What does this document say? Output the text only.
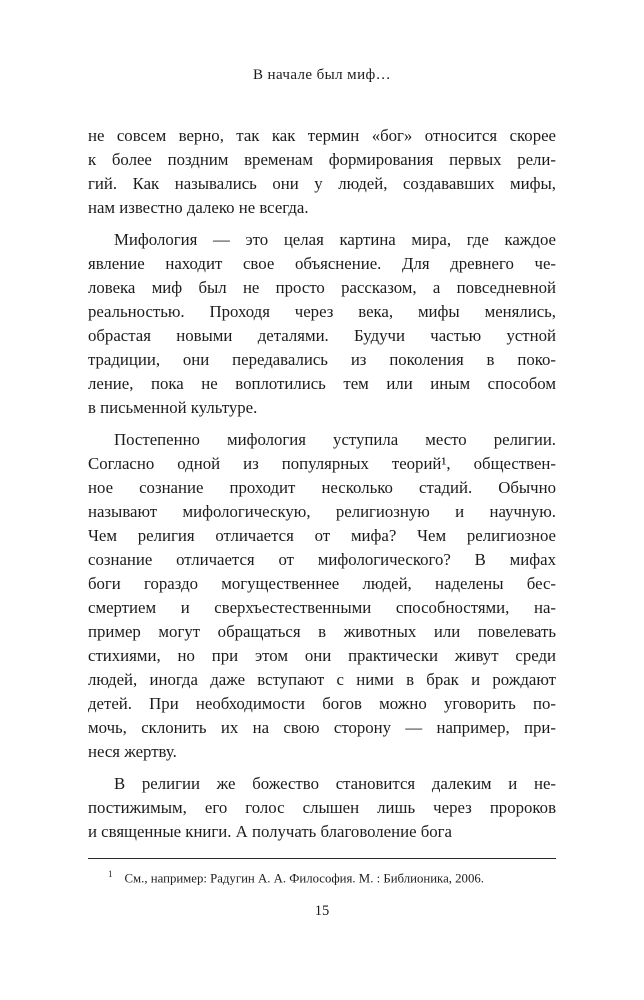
В начале был миф…
не совсем верно, так как термин «бог» относится скорее
к более поздним временам формирования первых рели-
гий. Как назывались они у людей, создававших мифы,
нам известно далеко не всегда.
Мифология — это целая картина мира, где каждое
явление находит свое объяснение. Для древнего че-
ловека миф был не просто рассказом, а повседневной
реальностью. Проходя через века, мифы менялись,
обрастая новыми деталями. Будучи частью устной
традиции, они передавались из поколения в поко-
ление, пока не воплотились тем или иным способом
в письменной культуре.
Постепенно мифология уступила место религии.
Согласно одной из популярных теорий¹, обществен-
ное сознание проходит несколько стадий. Обычно
называют мифологическую, религиозную и научную.
Чем религия отличается от мифа? Чем религиозное
сознание отличается от мифологического? В мифах
боги гораздо могущественнее людей, наделены бес-
смертием и сверхъестественными способностями, на-
пример могут обращаться в животных или повелевать
стихиями, но при этом они практически живут среди
людей, иногда даже вступают с ними в брак и рождают
детей. При необходимости богов можно уговорить по-
мочь, склонить их на свою сторону — например, при-
неся жертву.
В религии же божество становится далеким и не-
постижимым, его голос слышен лишь через пророков
и священные книги. А получать благоволение бога
$^1$ См., например: Радугин А. А. Философия. М. : Библионика, 2006.
15
